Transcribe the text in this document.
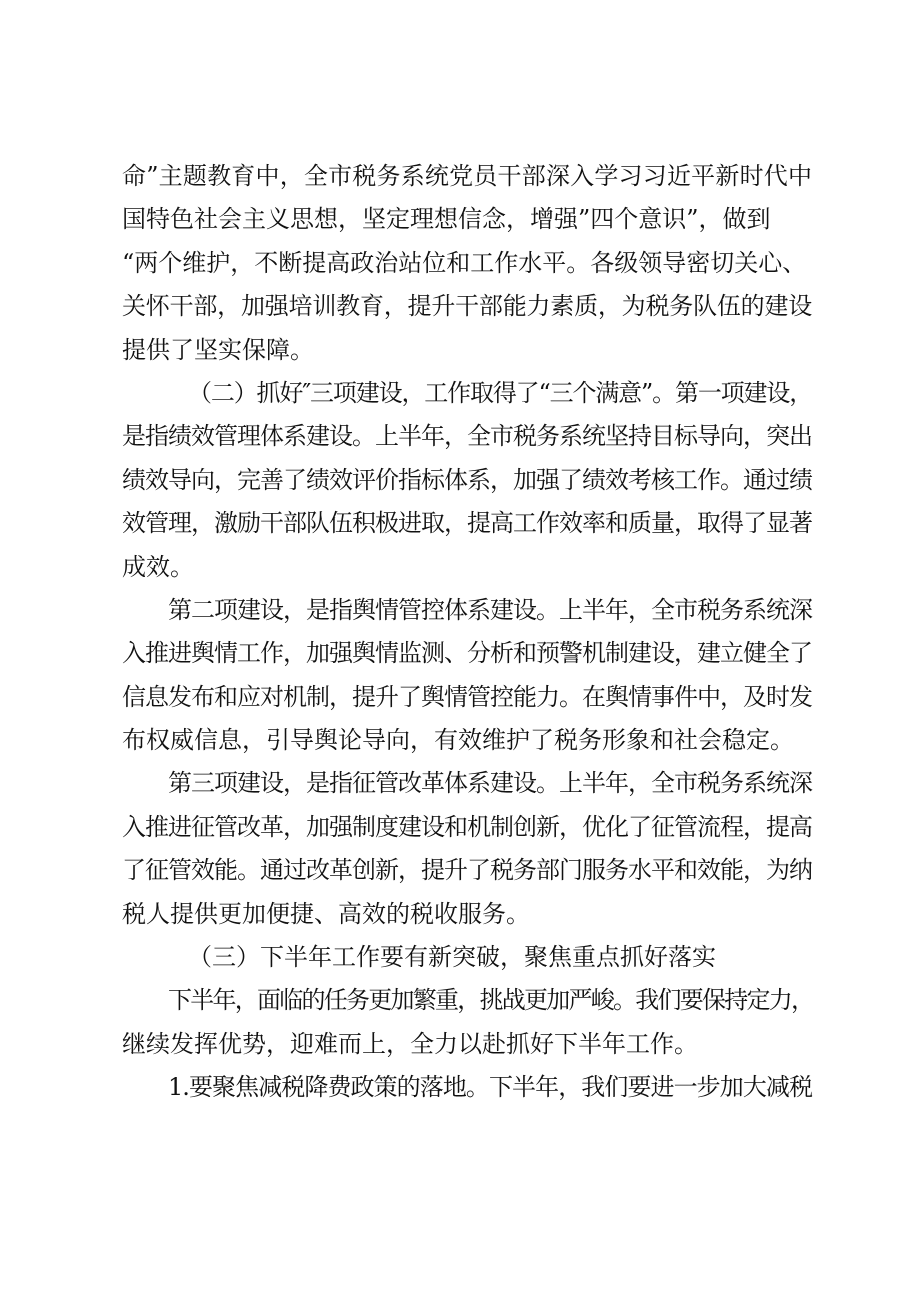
命”主题教育中，全市税务系统党员干部深入学习习近平新时代中
国特色社会主义思想，坚定理想信念，增强”四个意识”，做到
“两个维护，不断提高政治站位和工作水平。各级领导密切关心、
关怀干部，加强培训教育，提升干部能力素质，为税务队伍的建设
提供了坚实保障。
（二）抓好″三项建设，工作取得了“三个满意”。第一项建设，
是指绩效管理体系建设。上半年，全市税务系统坚持目标导向，突出
绩效导向，完善了绩效评价指标体系，加强了绩效考核工作。通过绩
效管理，激励干部队伍积极进取，提高工作效率和质量，取得了显著
成效。
第二项建设，是指舆情管控体系建设。上半年，全市税务系统深
入推进舆情工作，加强舆情监测、分析和预警机制建设，建立健全了
信息发布和应对机制，提升了舆情管控能力。在舆情事件中，及时发
布权威信息，引导舆论导向，有效维护了税务形象和社会稳定。
第三项建设，是指征管改革体系建设。上半年，全市税务系统深
入推进征管改革，加强制度建设和机制创新，优化了征管流程，提高
了征管效能。通过改革创新，提升了税务部门服务水平和效能，为纳
税人提供更加便捷、高效的税收服务。
（三）下半年工作要有新突破，聚焦重点抓好落实
下半年，面临的任务更加繁重，挑战更加严峻。我们要保持定力，
继续发挥优势，迎难而上，全力以赴抓好下半年工作。
1.要聚焦减税降费政策的落地。下半年，我们要进一步加大减税
